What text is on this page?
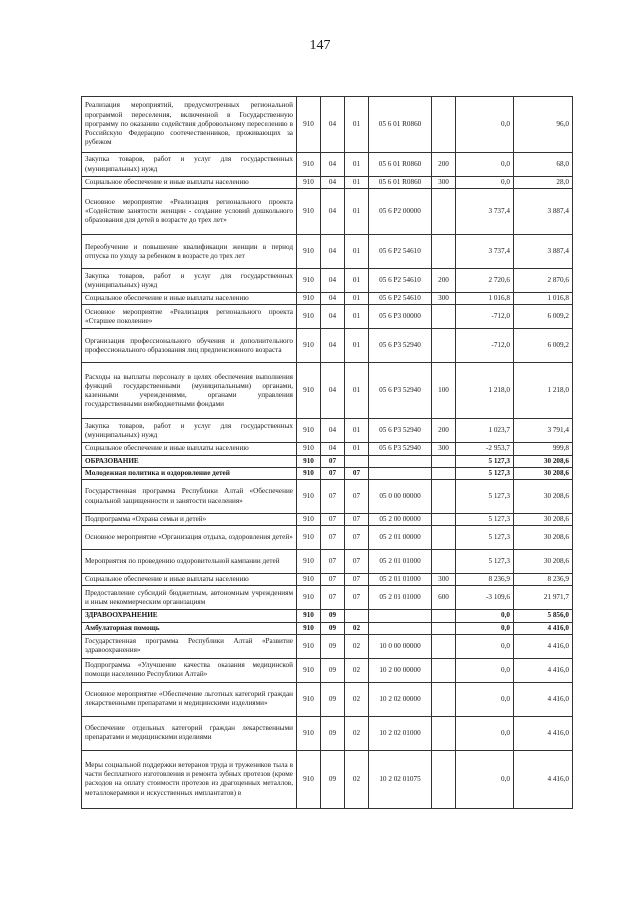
147
Реализация мероприятий, предусмотренных региональной программой переселения, включенной в Государственную программу по оказанию содействия добровольному переселению в Российскую Федерацию соотечественников, проживающих за рубежом	910	04	01	05 6 01 R0860		0,0	96,0
Закупка товаров, работ и услуг для государственных (муниципальных) нужд	910	04	01	05 6 01 R0860	200	0,0	68,0
Социальное обеспечение и иные выплаты населению	910	04	01	05 6 01 R0860	300	0,0	28,0
Основное мероприятие «Реализация регионального проекта «Содействие занятости женщин - создание условий дошкольного образования для детей в возрасте до трех лет»	910	04	01	05 6 P2 00000		3 737,4	3 887,4
Переобучение и повышение квалификации женщин в период отпуска по уходу за ребенком в возрасте до трех лет	910	04	01	05 6 P2 54610		3 737,4	3 887,4
Закупка товаров, работ и услуг для государственных (муниципальных) нужд	910	04	01	05 6 P2 54610	200	2 720,6	2 870,6
Социальное обеспечение и иные выплаты населению	910	04	01	05 6 P2 54610	300	1 016,8	1 016,8
Основное мероприятие «Реализация регионального проекта «Старшее поколение»	910	04	01	05 6 P3 00000		-712,0	6 009,2
Организация профессионального обучения и дополнительного профессионального образования лиц предпенсионного возраста	910	04	01	05 6 P3 52940		-712,0	6 009,2
Расходы на выплаты персоналу в целях обеспечения выполнения функций государственными (муниципальными) органами, казенными учреждениями, органами управления государственными внебюджетными фондами	910	04	01	05 6 P3 52940	100	1 218,0	1 218,0
Закупка товаров, работ и услуг для государственных (муниципальных) нужд	910	04	01	05 6 P3 52940	200	1 023,7	3 791,4
Социальное обеспечение и иные выплаты населению	910	04	01	05 6 P3 52940	300	-2 953,7	999,8
ОБРАЗОВАНИЕ	910	07				5 127,3	30 208,6
Молодежная политика и оздоровление детей	910	07	07			5 127,3	30 208,6
Государственная программа Республики Алтай «Обеспечение социальной защищенности и занятости населения»	910	07	07	05 0 00 00000		5 127,3	30 208,6
Подпрограмма «Охрана семьи и детей»	910	07	07	05 2 00 00000		5 127,3	30 208,6
Основное мероприятие «Организация отдыха, оздоровления детей»	910	07	07	05 2 01 00000		5 127,3	30 208,6
Мероприятия по проведению оздоровительной кампании детей	910	07	07	05 2 01 01000		5 127,3	30 208,6
Социальное обеспечение и иные выплаты населению	910	07	07	05 2 01 01000	300	8 236,9	8 236,9
Предоставление субсидий бюджетным, автономным учреждениям и иным некоммерческим организациям	910	07	07	05 2 01 01000	600	-3 109,6	21 971,7
ЗДРАВООХРАНЕНИЕ	910	09				0,0	5 856,0
Амбулаторная помощь	910	09	02			0,0	4 416,0
Государственная программа Республики Алтай «Развитие здравоохранения»	910	09	02	10 0 00 00000		0,0	4 416,0
Подпрограмма «Улучшение качества оказания медицинской помощи населению Республики Алтай»	910	09	02	10 2 00 00000		0,0	4 416,0
Основное мероприятие «Обеспечение льготных категорий граждан лекарственными препаратами и медицинскими изделиями»	910	09	02	10 2 02 00000		0,0	4 416,0
Обеспечение отдельных категорий граждан лекарственными препаратами и медицинскими изделиями	910	09	02	10 2 02 01000		0,0	4 416,0
Меры социальной поддержки ветеранов труда и тружеников тыла в части бесплатного изготовления и ремонта зубных протезов (кроме расходов на оплату стоимости протезов из драгоценных металлов, металлокерамики и искусственных имплантатов) в	910	09	02	10 2 02 01075		0,0	4 416,0
